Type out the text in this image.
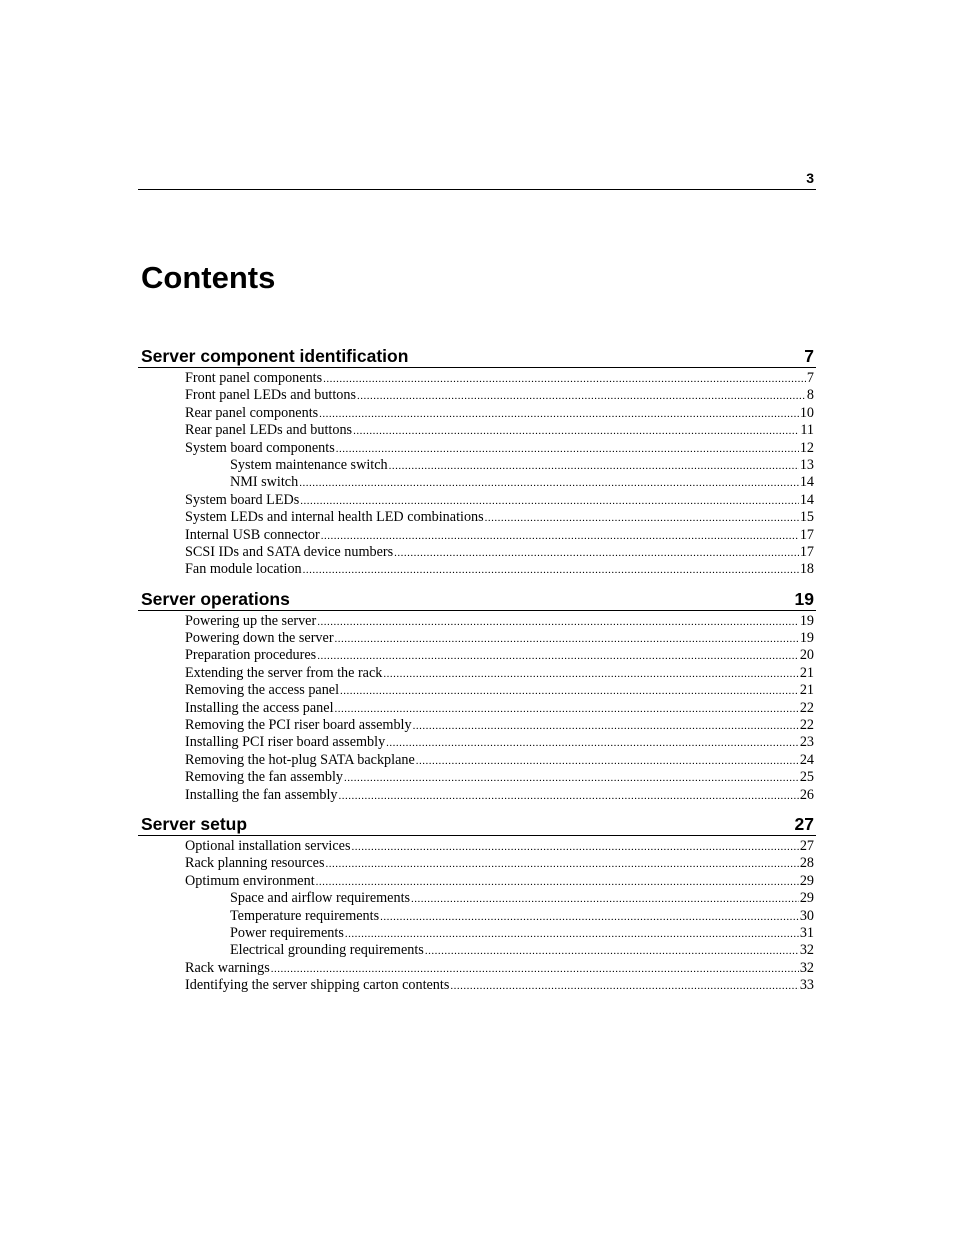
3
Contents
Server component identification	7
Front panel components .....	7
Front panel LEDs and buttons .....	8
Rear panel components .....	10
Rear panel LEDs and buttons .....	11
System board components .....	12
System maintenance switch .....	13
NMI switch .....	14
System board LEDs .....	14
System LEDs and internal health LED combinations .....	15
Internal USB connector .....	17
SCSI IDs and SATA device numbers .....	17
Fan module location .....	18
Server operations	19
Powering up the server .....	19
Powering down the server .....	19
Preparation procedures .....	20
Extending the server from the rack .....	21
Removing the access panel .....	21
Installing the access panel .....	22
Removing the PCI riser board assembly .....	22
Installing PCI riser board assembly .....	23
Removing the hot-plug SATA backplane .....	24
Removing the fan assembly .....	25
Installing the fan assembly .....	26
Server setup	27
Optional installation services .....	27
Rack planning resources .....	28
Optimum environment .....	29
Space and airflow requirements .....	29
Temperature requirements .....	30
Power requirements .....	31
Electrical grounding requirements .....	32
Rack warnings .....	32
Identifying the server shipping carton contents .....	33
